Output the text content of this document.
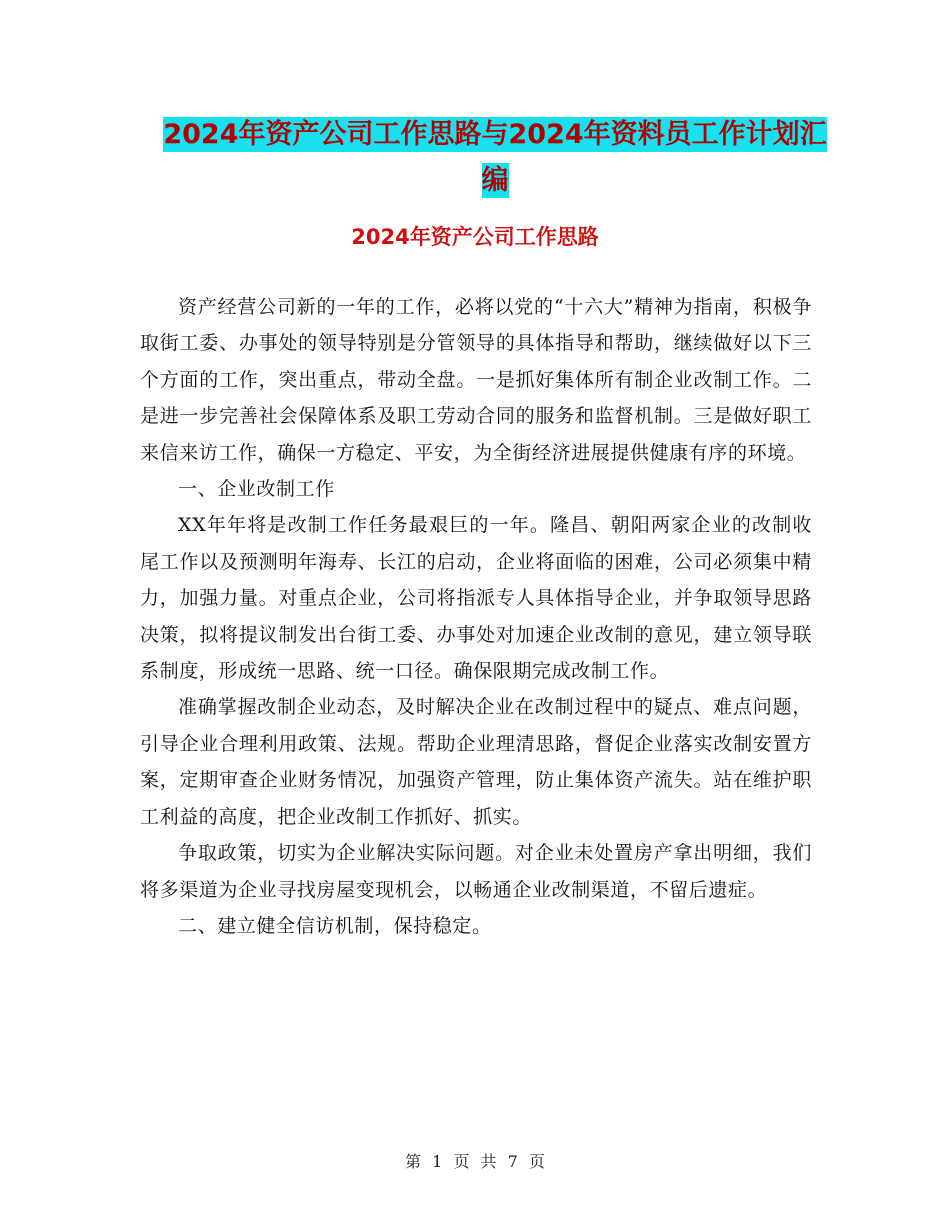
2024年资产公司工作思路与2024年资料员工作计划汇编
2024年资产公司工作思路

资产经营公司新的一年的工作，必将以党的“十六大”精神为指南，积极争取街工委、办事处的领导特别是分管领导的具体指导和帮助，继续做好以下三个方面的工作，突出重点，带动全盘。一是抓好集体所有制企业改制工作。二是进一步完善社会保障体系及职工劳动合同的服务和监督机制。三是做好职工来信来访工作，确保一方稳定、平安，为全街经济进展提供健康有序的环境。

一、企业改制工作

XX年年将是改制工作任务最艰巨的一年。隆昌、朝阳两家企业的改制收尾工作以及预测明年海寿、长江的启动，企业将面临的困难，公司必须集中精力，加强力量。对重点企业，公司将指派专人具体指导企业，并争取领导思路决策，拟将提议制发出台街工委、办事处对加速企业改制的意见，建立领导联系制度，形成统一思路、统一口径。确保限期完成改制工作。

准确掌握改制企业动态，及时解决企业在改制过程中的疑点、难点问题，引导企业合理利用政策、法规。帮助企业理清思路，督促企业落实改制安置方案，定期审查企业财务情况，加强资产管理，防止集体资产流失。站在维护职工利益的高度，把企业改制工作抓好、抓实。

争取政策，切实为企业解决实际问题。对企业未处置房产拿出明细，我们将多渠道为企业寻找房屋变现机会，以畅通企业改制渠道，不留后遗症。

二、建立健全信访机制，保持稳定。

第 1 页 共 7 页
